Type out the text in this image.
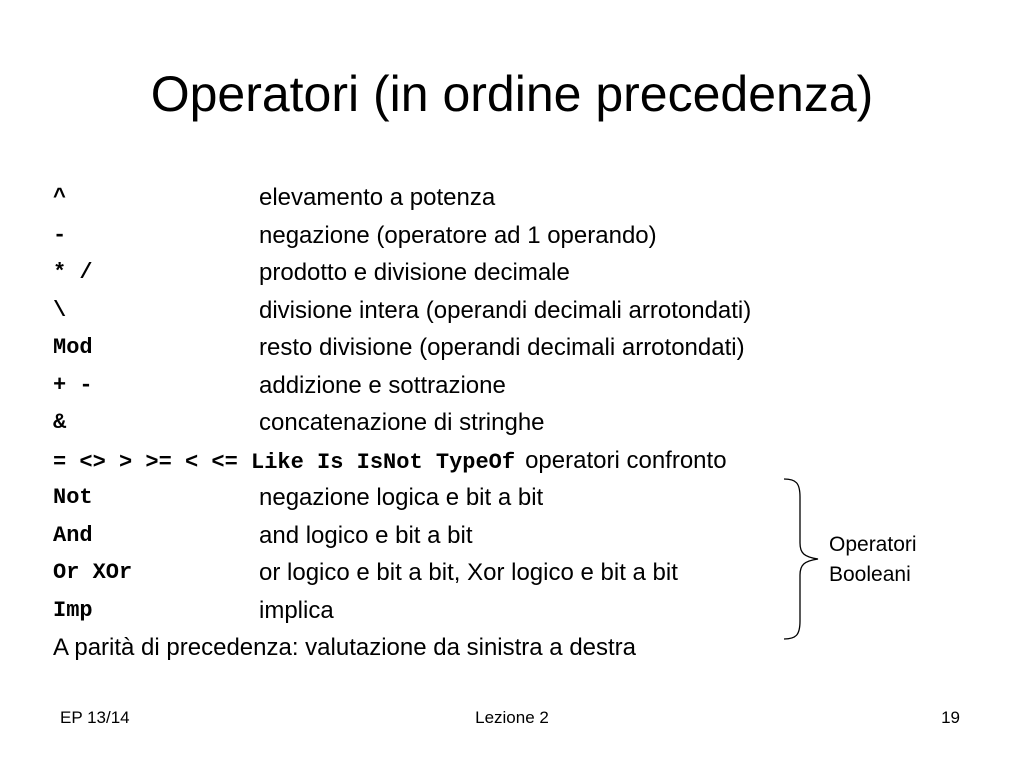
Operatori (in ordine precedenza)
^	elevamento a potenza
-	negazione (operatore ad 1 operando)
* /	prodotto e divisione decimale
\	divisione intera (operandi decimali arrotondati)
Mod	resto divisione (operandi decimali arrotondati)
+ -	addizione e sottrazione
&	concatenazione di stringhe
= <> > >= < <= Like Is IsNot TypeOf operatori confronto
Not	negazione logica e bit a bit
And	and logico e bit a bit
Or XOr	or logico e bit a bit, Xor logico e bit a bit
Imp	implica
A parità di precedenza: valutazione da sinistra a destra
Operatori
Booleani
EP 13/14	Lezione 2	19
